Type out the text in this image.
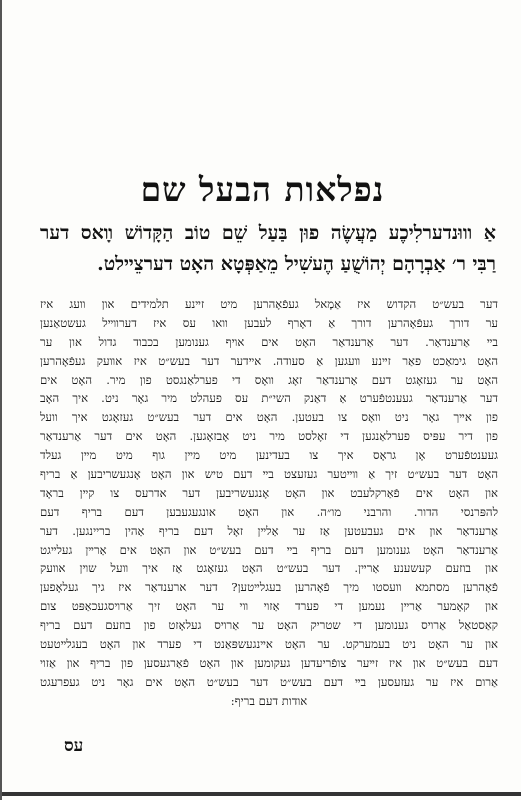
נפלאות הבעל שם
אַ װוּנדערלִיכֶע מַעֲשֶׂה פוּן בַּעַל שֵׁם טוֹב הַקָּדוֹשׁ װָאס דער
רַבִּי ר׳ אַבְרָהָם יְהוֹשֻׁעַ הֶעשִׁיל מֵאַפְּטָא האָט דערצֵײלט.
דער בעש״ט הקדוש איז אַמָאל געפֿאָהרען מיט זײנע תלמידים און װעג איז
ער דורך געפֿאָהרען דורך אַ דאָרף לעבען װאו עס איז דערװײל געשטאַנען
בײ אַרענדאַר. דער אַרענדאַר האָט אים אױף גענומען בכבוד גדול און ער
האָט גימאַכט פאַר זײנע װעגען אַ סעודה. אײדער דער בעש״ט איז אװעק געפֿאָהרען
האָט ער געזאָגט דעם אַרענדאַר זאָג װאָס די פערלאַנגסט פון מיר. האָט אים
דער אַרענדאַר געענטפֿערט אַ דאַנק השי״ת עס פעהלט מיר גאָר ניט. איך האָב
פון אײך גאָר ניט װאָס צו בעטען. האָט אים דער בעש״ט געזאָגט איך װעל
פון דיר עפּיס פערלאַנגען די זאָלסט מיר ניט אָבזאָגען. האָט אים דער אַרענדאַר
געענטפֿערט אָן גראָס איך צו בעדינען מיט מײן גוף מיט מײן געלד
האָט דער בעש״ט זיך אַ װײטער געזעצט בײ דעם טיש און האָט אָנגעשריבען אַ בריף
און האָט אים פֿאַרקלעבט און האָט אָנגעשריבען דער אדרעס צו קײן בראָד
להפּרנסי הדור. והרבני מו״ה. און האָט אונגעגעבען דעם בריף דעם
אַרענדאַר און אים געבעטען אַז ער אַלײן זאָל דעם בריף אַהין בריינגען. דער
אַרענדאַר האָט גענומען דעם בריף בײ דעם בעש״ט און האָט אים אַרײן געלײגט
און בוזעם קעשענע אַרײן. דער בעש״ט האָט געזאָגט אַז איך װעל שױן אװעק
פֿאָהרען מסתמא װעסטו מיך פֿאָהרען בעגלײטען? דער ארענדאַר איז גיך געלאָפען
און קאָמער אַרײן נעמען די פערד אַזױ װי ער האָט זיך אַרױסגעכאַפּט צום
קאַסטאַל אַרױס גענומען די שטריק האָט ער אַרױס געלאָזט פון בוזעם דעם בריף
און ער האָט ניט בעמערקט. ער האָט אײנגעשפּאַנט די פערד און האָט בעגלײטעט
דעם בעש״ט און איז זײער צופֿריעדען געקומען און האָט פֿאַרגעסען פון בריף און אַזױ
אַרום איז ער געזעסען בײ דעם בעש״ט דער בעש״ט האָט אים גאָר ניט געפרעגט
אודות דעם בריף:
עס
